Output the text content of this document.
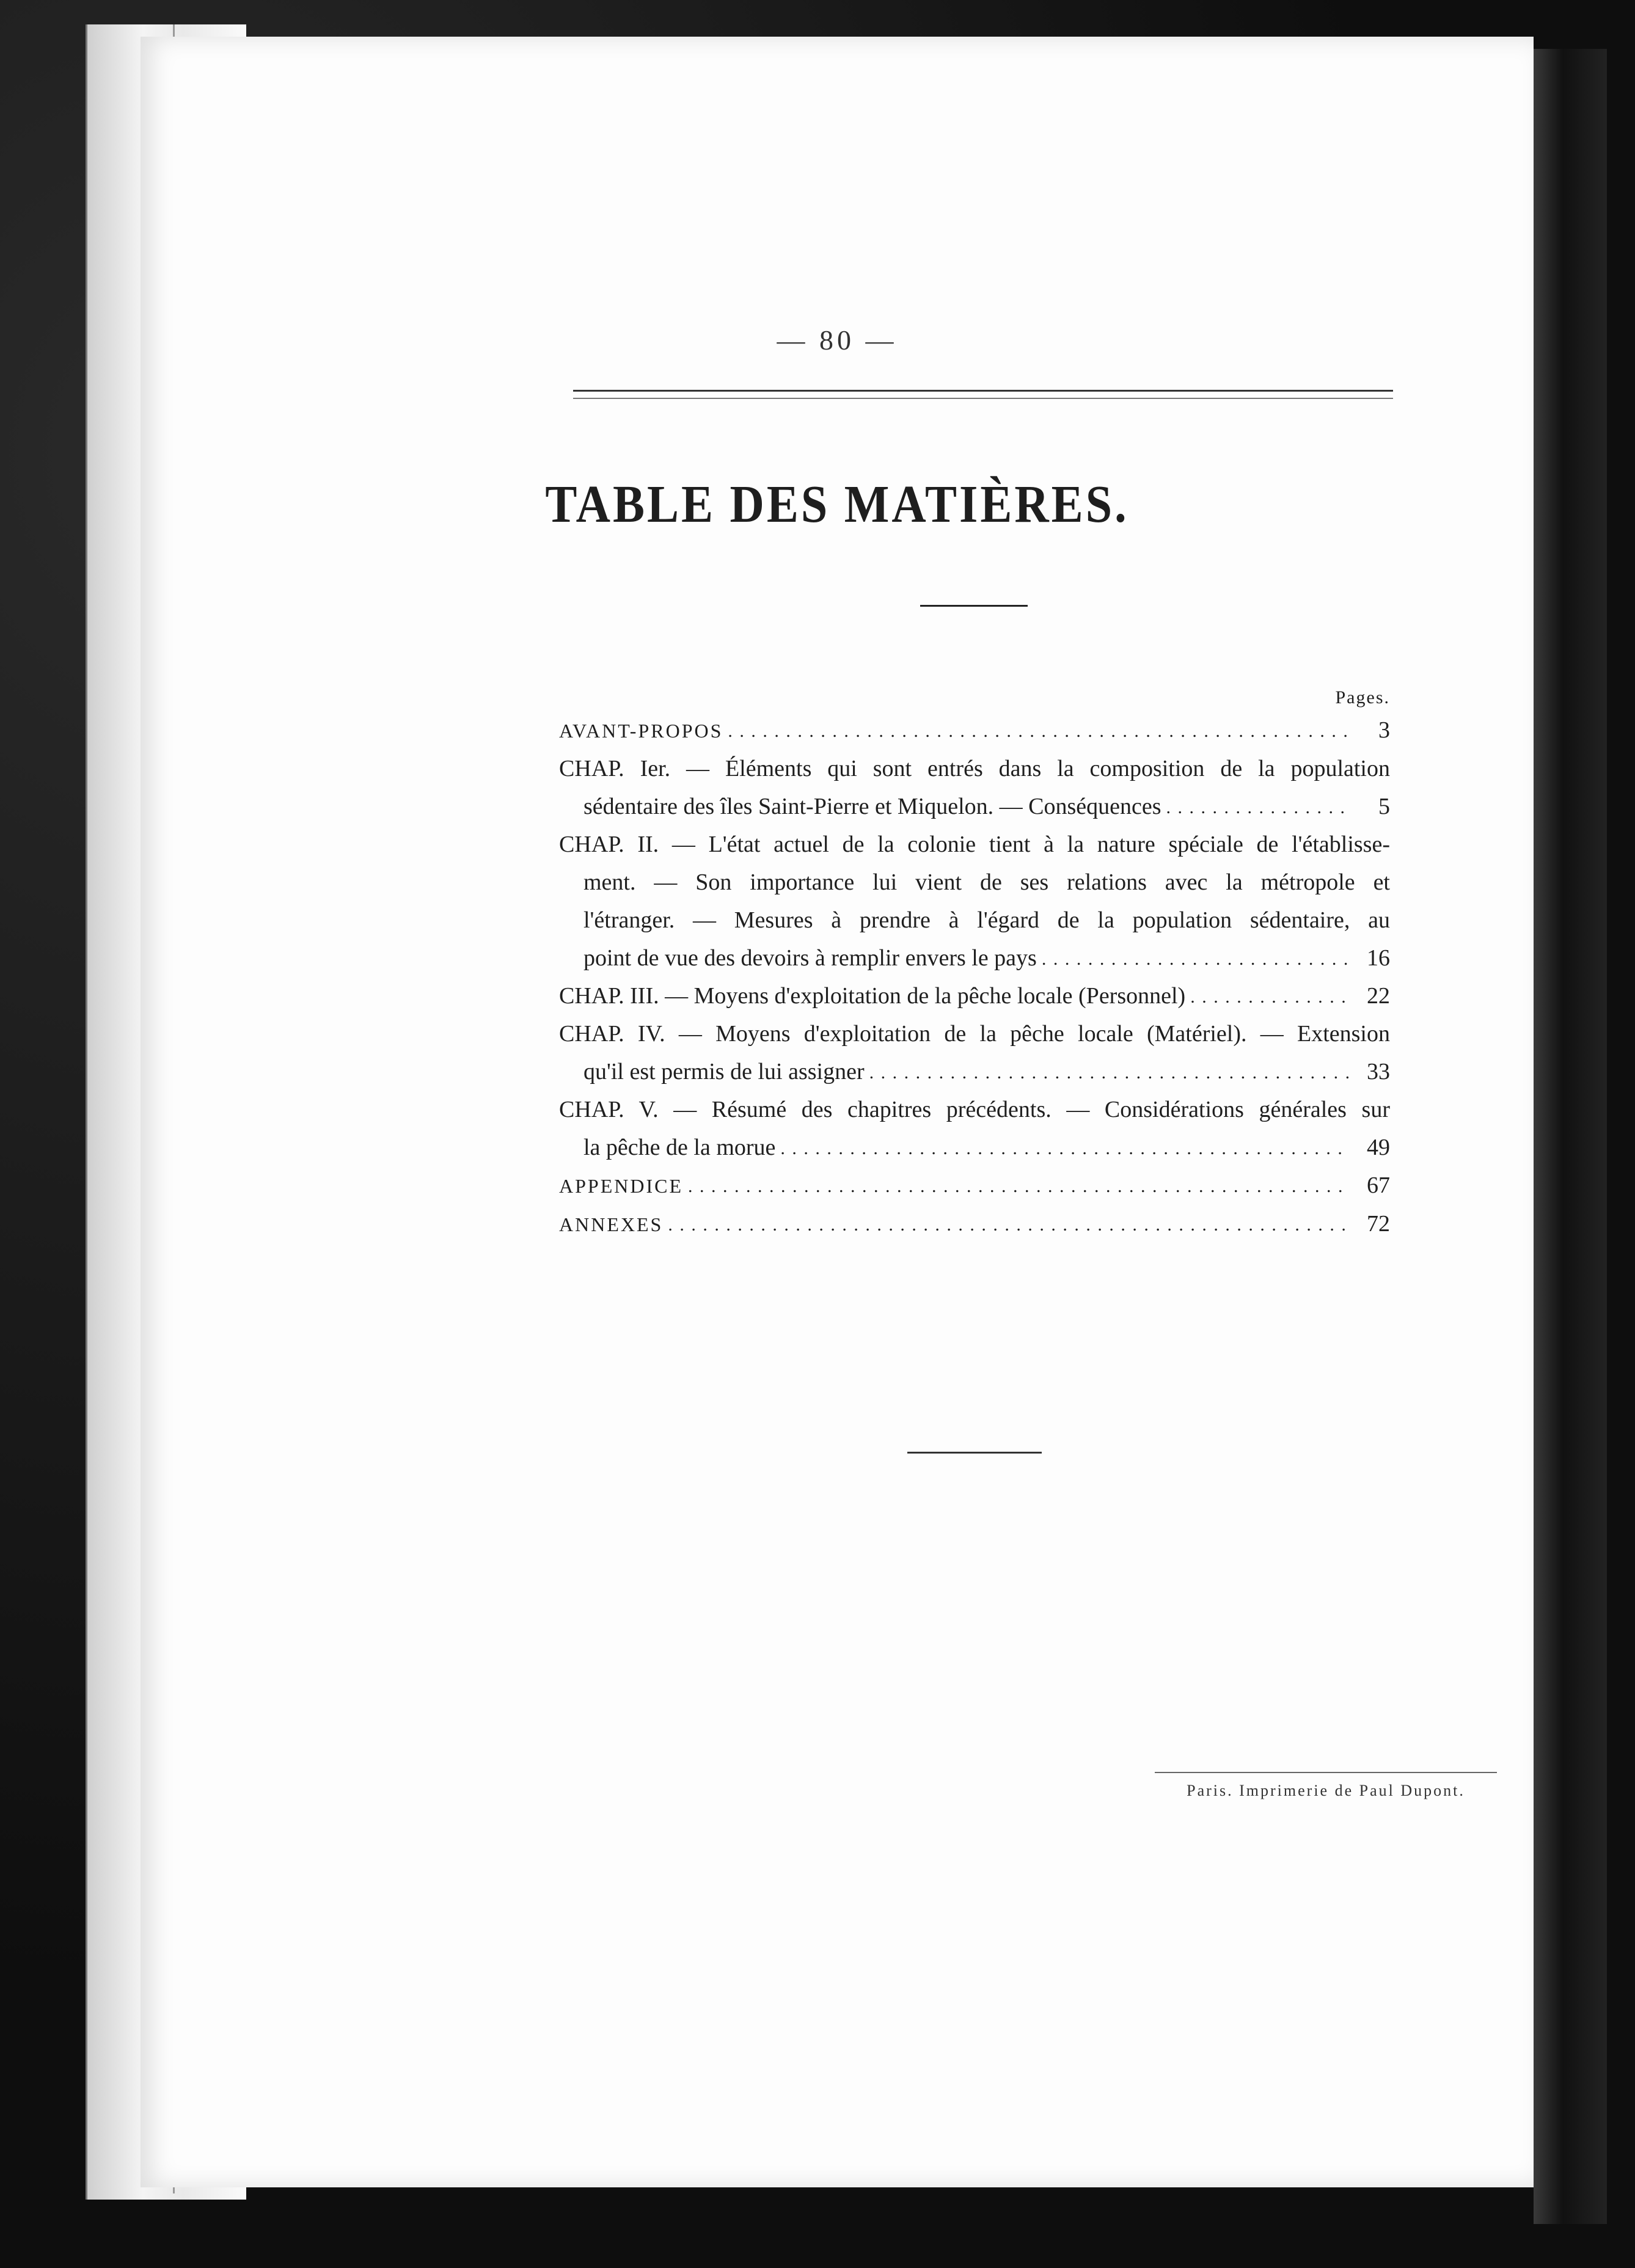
— 80 —
TABLE DES MATIÈRES.
Pages.
AVANT-PROPOS . . .	3
CHAP. Ier. — Éléments qui sont entrés dans la composition de la population
sédentaire des îles Saint-Pierre et Miquelon. — Conséquences . . .	5
CHAP. II. — L'état actuel de la colonie tient à la nature spéciale de l'établisse-
ment. — Son importance lui vient de ses relations avec la métropole et
l'étranger. — Mesures à prendre à l'égard de la population sédentaire, au
point de vue des devoirs à remplir envers le pays . . .	16
CHAP. III. — Moyens d'exploitation de la pêche locale (Personnel) . . .	22
CHAP. IV. — Moyens d'exploitation de la pêche locale (Matériel). — Extension
qu'il est permis de lui assigner . . .	33
CHAP. V. — Résumé des chapitres précédents. — Considérations générales sur
la pêche de la morue . . .	49
APPENDICE . . .	67
ANNEXES . . .	72
Paris. Imprimerie de Paul Dupont.
